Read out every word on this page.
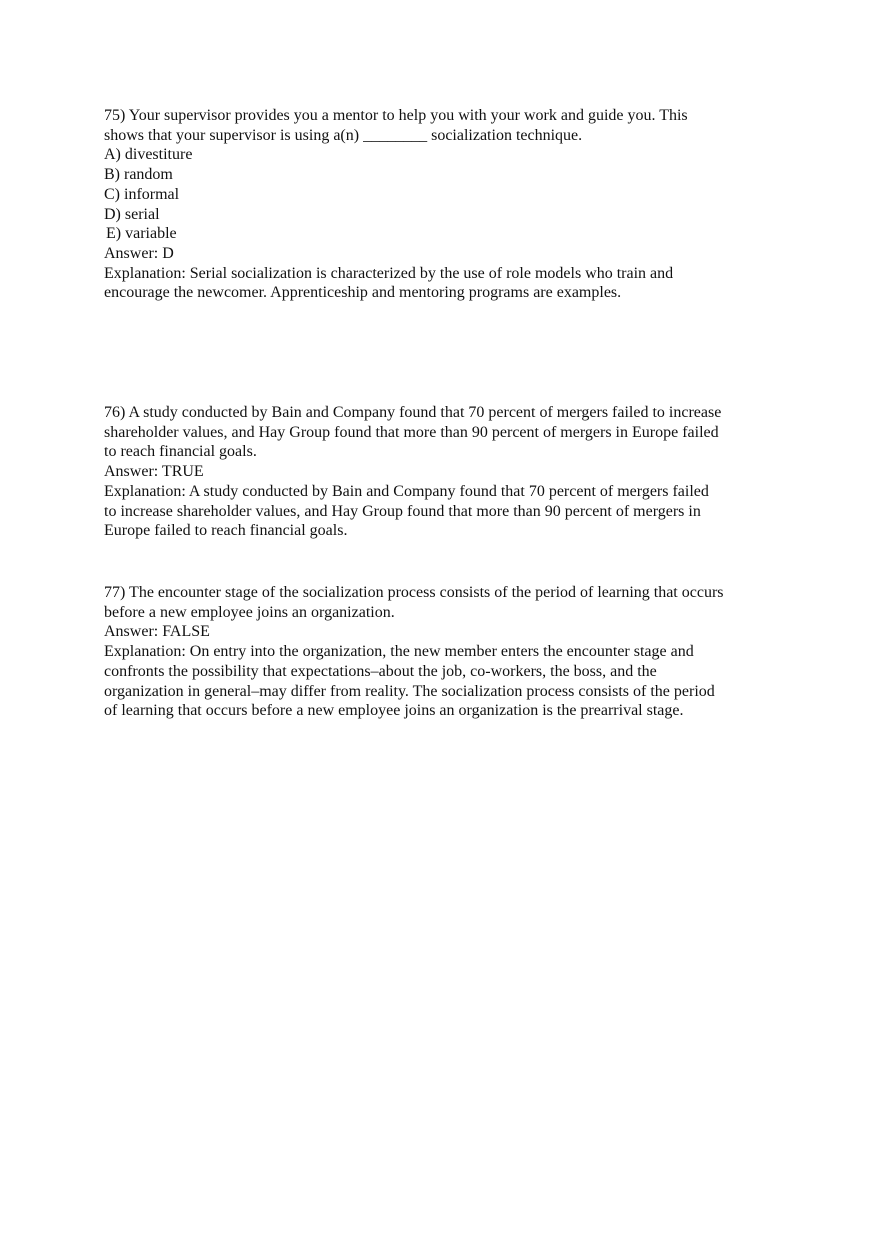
75) Your supervisor provides you a mentor to help you with your work and guide you. This
shows that your supervisor is using a(n) ________ socialization technique.
A) divestiture
B) random
C) informal
D) serial
E) variable
Answer: D
Explanation: Serial socialization is characterized by the use of role models who train and
encourage the newcomer. Apprenticeship and mentoring programs are examples.
76) A study conducted by Bain and Company found that 70 percent of mergers failed to increase
shareholder values, and Hay Group found that more than 90 percent of mergers in Europe failed
to reach financial goals.
Answer: TRUE
Explanation: A study conducted by Bain and Company found that 70 percent of mergers failed
to increase shareholder values, and Hay Group found that more than 90 percent of mergers in
Europe failed to reach financial goals.
77) The encounter stage of the socialization process consists of the period of learning that occurs
before a new employee joins an organization.
Answer: FALSE
Explanation: On entry into the organization, the new member enters the encounter stage and
confronts the possibility that expectations–about the job, co-workers, the boss, and the
organization in general–may differ from reality. The socialization process consists of the period
of learning that occurs before a new employee joins an organization is the prearrival stage.
